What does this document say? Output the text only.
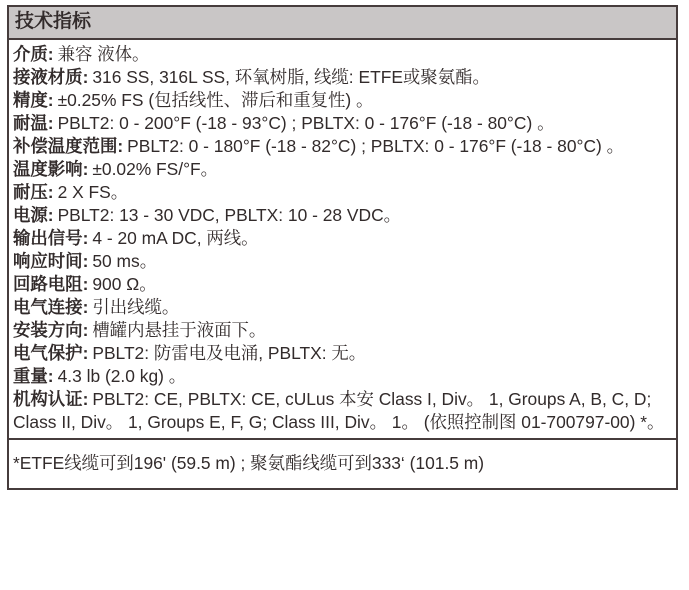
技术指标
介质: 兼容 液体。
接液材质: 316 SS, 316L SS, 环氧树脂, 线缆: ETFE或聚氨酯。
精度: ±0.25% FS (包括线性、滞后和重复性) 。
耐温: PBLT2: 0 - 200°F (-18 - 93°C) ; PBLTX: 0 - 176°F (-18 - 80°C) 。
补偿温度范围: PBLT2: 0 - 180°F (-18 - 82°C) ; PBLTX: 0 - 176°F (-18 - 80°C) 。
温度影响: ±0.02% FS/°F。
耐压: 2 X FS。
电源: PBLT2: 13 - 30 VDC, PBLTX: 10 - 28 VDC。
输出信号: 4 - 20 mA DC, 两线。
响应时间: 50 ms。
回路电阻: 900 Ω。
电气连接: 引出线缆。
安装方向: 槽罐内悬挂于液面下。
电气保护: PBLT2: 防雷电及电涌, PBLTX: 无。
重量: 4.3 lb (2.0 kg) 。
机构认证: PBLT2: CE, PBLTX: CE, cULus 本安 Class I, Div。 1, Groups A, B, C, D; Class II, Div。 1, Groups E, F, G; Class III, Div。 1。 (依照控制图 01-700797-00) *。
*ETFE线缆可到196' (59.5 m) ; 聚氨酯线缆可到333‘ (101.5 m)
